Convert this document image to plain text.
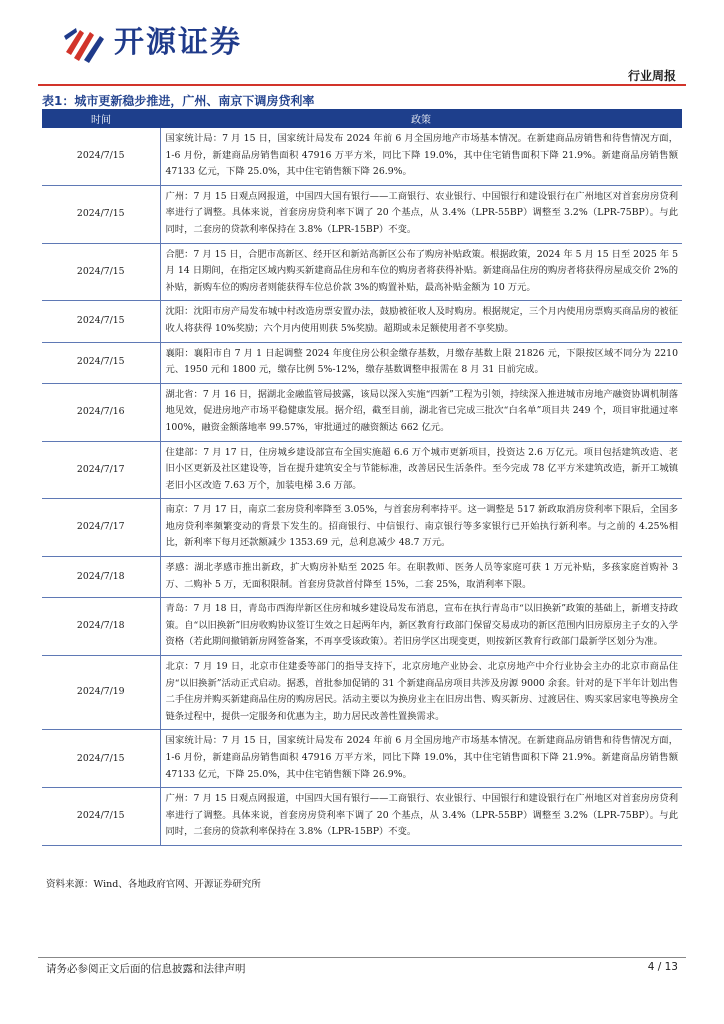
开源证券
行业周报
表1：城市更新稳步推进，广州、南京下调房贷利率
时间	政策
2024/7/15	国家统计局：7 月 15 日，国家统计局发布 2024 年前 6 月全国房地产市场基本情况。在新建商品房销售和待售情况方面，1-6 月份，新建商品房销售面积 47916 万平方米，同比下降 19.0%，其中住宅销售面积下降 21.9%。新建商品房销售额 47133 亿元，下降 25.0%，其中住宅销售额下降 26.9%。
2024/7/15	广州：7 月 15 日观点网报道，中国四大国有银行——工商银行、农业银行、中国银行和建设银行在广州地区对首套房房贷利率进行了调整。具体来说，首套房房贷利率下调了 20 个基点，从 3.4%（LPR-55BP）调整至 3.2%（LPR-75BP）。与此同时，二套房的贷款利率保持在 3.8%（LPR-15BP）不变。
2024/7/15	合肥：7 月 15 日，合肥市高新区、经开区和新站高新区公布了购房补贴政策。根据政策，2024 年 5 月 15 日至 2025 年 5 月 14 日期间，在指定区域内购买新建商品住房和车位的购房者将获得补贴。新建商品住房的购房者将获得房屋成交价 2%的补贴，新购车位的购房者则能获得车位总价款 3%的购置补贴，最高补贴金额为 10 万元。
2024/7/15	沈阳：沈阳市房产局发布城中村改造房票安置办法，鼓励被征收人及时购房。根据规定，三个月内使用房票购买商品房的被征收人将获得 10%奖励；六个月内使用则获 5%奖励。超期或未足额使用者不享奖励。
2024/7/15	襄阳：襄阳市自 7 月 1 日起调整 2024 年度住房公积金缴存基数，月缴存基数上限 21826 元，下限按区域不同分为 2210 元、1950 元和 1800 元，缴存比例 5%-12%，缴存基数调整申报需在 8 月 31 日前完成。
2024/7/16	湖北省：7 月 16 日，据湖北金融监管局披露，该局以深入实施“四新”工程为引领，持续深入推进城市房地产融资协调机制落地见效，促进房地产市场平稳健康发展。据介绍，截至目前，湖北省已完成三批次“白名单”项目共 249 个，项目审批通过率 100%，融资金额落地率 99.57%，审批通过的融资额达 662 亿元。
2024/7/17	住建部：7 月 17 日，住房城乡建设部宣布全国实施超 6.6 万个城市更新项目，投资达 2.6 万亿元。项目包括建筑改造、老旧小区更新及社区建设等，旨在提升建筑安全与节能标准，改善居民生活条件。至今完成 78 亿平方米建筑改造，新开工城镇老旧小区改造 7.63 万个，加装电梯 3.6 万部。
2024/7/17	南京：7 月 17 日，南京二套房贷利率降至 3.05%，与首套房利率持平。这一调整是 517 新政取消房贷利率下限后，全国多地房贷利率频繁变动的背景下发生的。招商银行、中信银行、南京银行等多家银行已开始执行新利率。与之前的 4.25%相比，新利率下每月还款额减少 1353.69 元，总利息减少 48.7 万元。
2024/7/18	孝感：湖北孝感市推出新政，扩大购房补贴至 2025 年。在职教师、医务人员等家庭可获 1 万元补贴，多孩家庭首购补 3 万、二购补 5 万，无面积限制。首套房贷款首付降至 15%，二套 25%，取消利率下限。
2024/7/18	青岛：7 月 18 日，青岛市西海岸新区住房和城乡建设局发布消息，宣布在执行青岛市“以旧换新”政策的基础上，新增支持政策。自“以旧换新”旧房收购协议签订生效之日起两年内，新区教育行政部门保留交易成功的新区范围内旧房原房主子女的入学资格（若此期间撤销新房网签备案，不再享受该政策）。若旧房学区出现变更，则按新区教育行政部门最新学区划分为准。
2024/7/19	北京：7 月 19 日，北京市住建委等部门的指导支持下，北京房地产业协会、北京房地产中介行业协会主办的北京市商品住房“以旧换新”活动正式启动。据悉，首批参加促销的 31 个新建商品房项目共涉及房源 9000 余套。针对的是下半年计划出售二手住房并购买新建商品住房的购房居民。活动主要以为换房业主在旧房出售、购买新房、过渡居住、购买家居家电等换房全链条过程中，提供一定服务和优惠为主，助力居民改善性置换需求。
2024/7/15	国家统计局：7 月 15 日，国家统计局发布 2024 年前 6 月全国房地产市场基本情况。在新建商品房销售和待售情况方面，1-6 月份，新建商品房销售面积 47916 万平方米，同比下降 19.0%，其中住宅销售面积下降 21.9%。新建商品房销售额 47133 亿元，下降 25.0%，其中住宅销售额下降 26.9%。
2024/7/15	广州：7 月 15 日观点网报道，中国四大国有银行——工商银行、农业银行、中国银行和建设银行在广州地区对首套房房贷利率进行了调整。具体来说，首套房房贷利率下调了 20 个基点，从 3.4%（LPR-55BP）调整至 3.2%（LPR-75BP）。与此同时，二套房的贷款利率保持在 3.8%（LPR-15BP）不变。
资料来源：Wind、各地政府官网、开源证券研究所
请务必参阅正文后面的信息披露和法律声明	4 / 13
